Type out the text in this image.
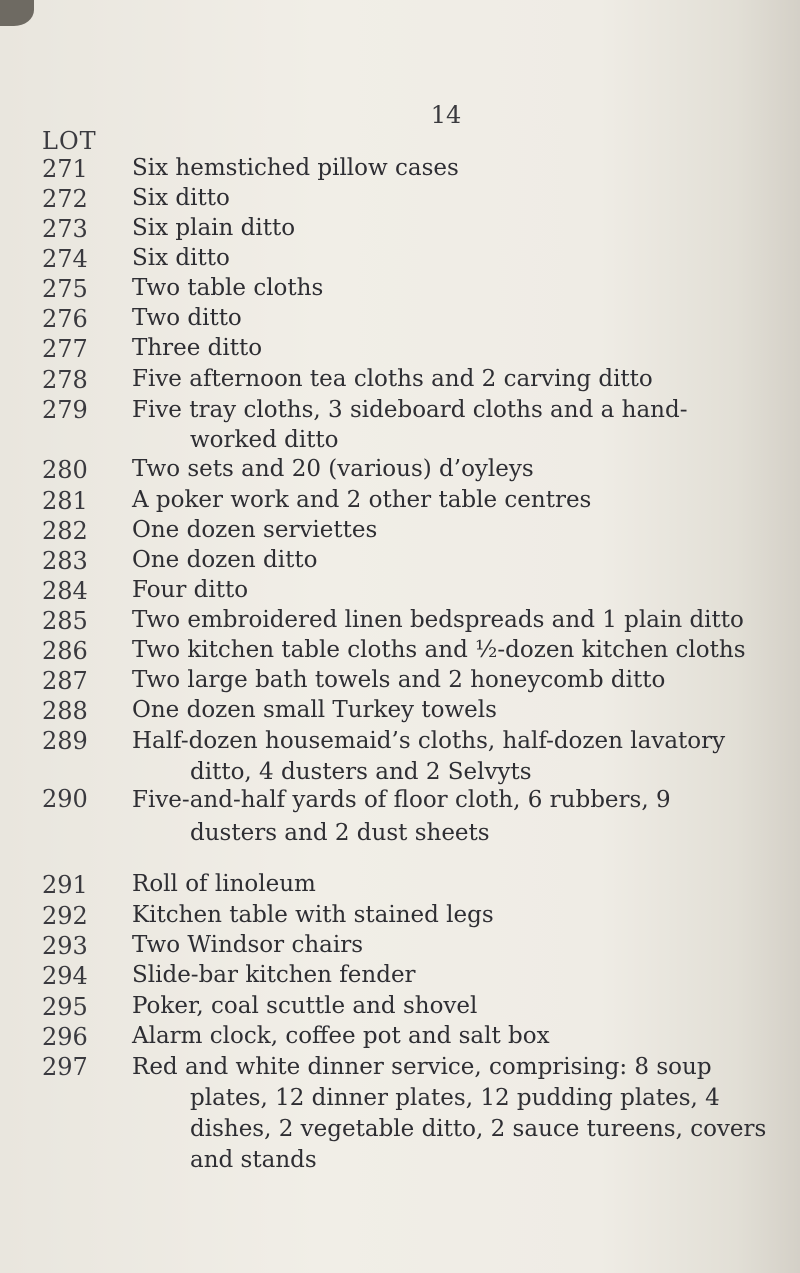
14
LOT
271	Six hemstiched pillow cases
272	Six ditto
273	Six plain ditto
274	Six ditto
275	Two table cloths
276	Two ditto
277	Three ditto
278	Five afternoon tea cloths and 2 carving ditto
279	Five tray cloths, 3 sideboard cloths and a hand-
worked ditto
280	Two sets and 20 (various) d’oyleys
281	A poker work and 2 other table centres
282	One dozen serviettes
283	One dozen ditto
284	Four ditto
285	Two embroidered linen bedspreads and 1 plain ditto
286	Two kitchen table cloths and ½-dozen kitchen cloths
287	Two large bath towels and 2 honeycomb ditto
288	One dozen small Turkey towels
289	Half-dozen housemaid’s cloths, half-dozen lavatory
ditto, 4 dusters and 2 Selvyts
290	Five-and-half yards of floor cloth, 6 rubbers, 9
dusters and 2 dust sheets
291	Roll of linoleum
292	Kitchen table with stained legs
293	Two Windsor chairs
294	Slide-bar kitchen fender
295	Poker, coal scuttle and shovel
296	Alarm clock, coffee pot and salt box
297	Red and white dinner service, comprising: 8 soup
plates, 12 dinner plates, 12 pudding plates, 4
dishes, 2 vegetable ditto, 2 sauce tureens, covers
and stands
